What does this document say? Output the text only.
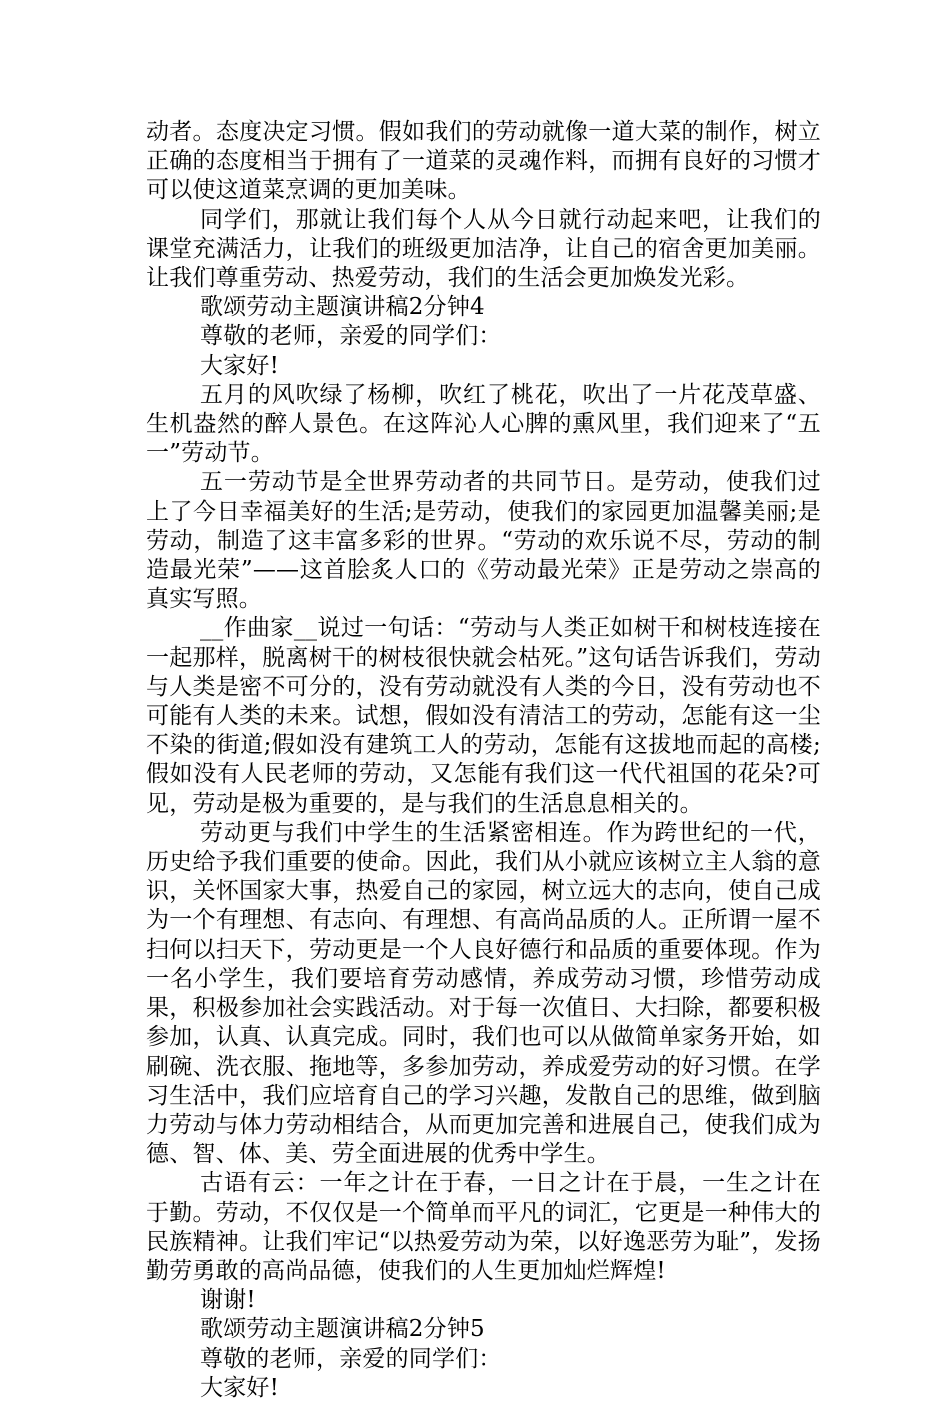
动者。态度决定习惯。假如我们的劳动就像一道大菜的制作，树立正确的态度相当于拥有了一道菜的灵魂作料，而拥有良好的习惯才可以使这道菜烹调的更加美味。

同学们，那就让我们每个人从今日就行动起来吧，让我们的课堂充满活力，让我们的班级更加洁净，让自己的宿舍更加美丽。让我们尊重劳动、热爱劳动，我们的生活会更加焕发光彩。

歌颂劳动主题演讲稿2分钟4

尊敬的老师，亲爱的同学们：

大家好!

五月的风吹绿了杨柳，吹红了桃花，吹出了一片花茂草盛、生机盎然的醉人景色。在这阵沁人心脾的熏风里，我们迎来了“五一”劳动节。

五一劳动节是全世界劳动者的共同节日。是劳动，使我们过上了今日幸福美好的生活;是劳动，使我们的家园更加温馨美丽;是劳动，制造了这丰富多彩的世界。“劳动的欢乐说不尽，劳动的制造最光荣”——这首脍炙人口的《劳动最光荣》正是劳动之崇高的真实写照。

__作曲家__说过一句话：“劳动与人类正如树干和树枝连接在一起那样，脱离树干的树枝很快就会枯死。”这句话告诉我们，劳动与人类是密不可分的，没有劳动就没有人类的今日，没有劳动也不可能有人类的未来。试想，假如没有清洁工的劳动，怎能有这一尘不染的街道;假如没有建筑工人的劳动，怎能有这拔地而起的高楼;假如没有人民老师的劳动，又怎能有我们这一代代祖国的花朵?可见，劳动是极为重要的，是与我们的生活息息相关的。

劳动更与我们中学生的生活紧密相连。作为跨世纪的一代，历史给予我们重要的使命。因此，我们从小就应该树立主人翁的意识，关怀国家大事，热爱自己的家园，树立远大的志向，使自己成为一个有理想、有志向、有理想、有高尚品质的人。正所谓一屋不扫何以扫天下，劳动更是一个人良好德行和品质的重要体现。作为一名小学生，我们要培育劳动感情，养成劳动习惯，珍惜劳动成果，积极参加社会实践活动。对于每一次值日、大扫除，都要积极参加，认真、认真完成。同时，我们也可以从做简单家务开始，如刷碗、洗衣服、拖地等，多参加劳动，养成爱劳动的好习惯。在学习生活中，我们应培育自己的学习兴趣，发散自己的思维，做到脑力劳动与体力劳动相结合，从而更加完善和进展自己，使我们成为德、智、体、美、劳全面进展的优秀中学生。

古语有云：一年之计在于春，一日之计在于晨，一生之计在于勤。劳动，不仅仅是一个简单而平凡的词汇，它更是一种伟大的民族精神。让我们牢记“以热爱劳动为荣，以好逸恶劳为耻”，发扬勤劳勇敢的高尚品德，使我们的人生更加灿烂辉煌!

谢谢!

歌颂劳动主题演讲稿2分钟5

尊敬的老师，亲爱的同学们：

大家好!
